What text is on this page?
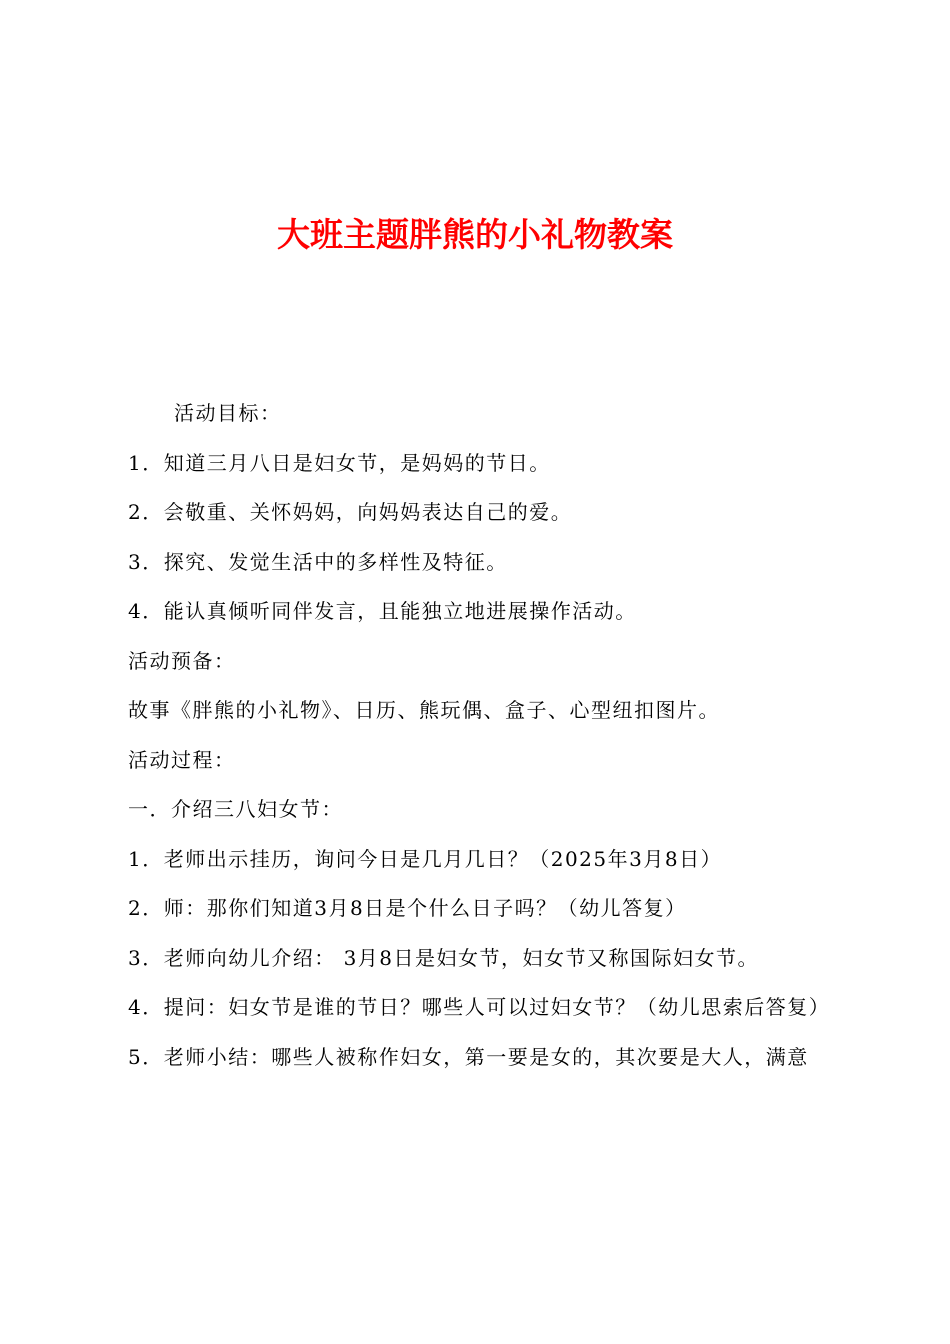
大班主题胖熊的小礼物教案

活动目标：

1．知道三月八日是妇女节，是妈妈的节日。

2．会敬重、关怀妈妈，向妈妈表达自己的爱。

3．探究、发觉生活中的多样性及特征。

4．能认真倾听同伴发言，且能独立地进展操作活动。

活动预备：

故事《胖熊的小礼物》、日历、熊玩偶、盒子、心型纽扣图片。

活动过程：

一．介绍三八妇女节：

1．老师出示挂历，询问今日是几月几日？（2025年3月8日）

2．师：那你们知道3月8日是个什么日子吗？（幼儿答复）

3．老师向幼儿介绍： 3月8日是妇女节，妇女节又称国际妇女节。

4．提问：妇女节是谁的节日？哪些人可以过妇女节？（幼儿思索后答复）

5．老师小结：哪些人被称作妇女，第一要是女的，其次要是大人，满意
